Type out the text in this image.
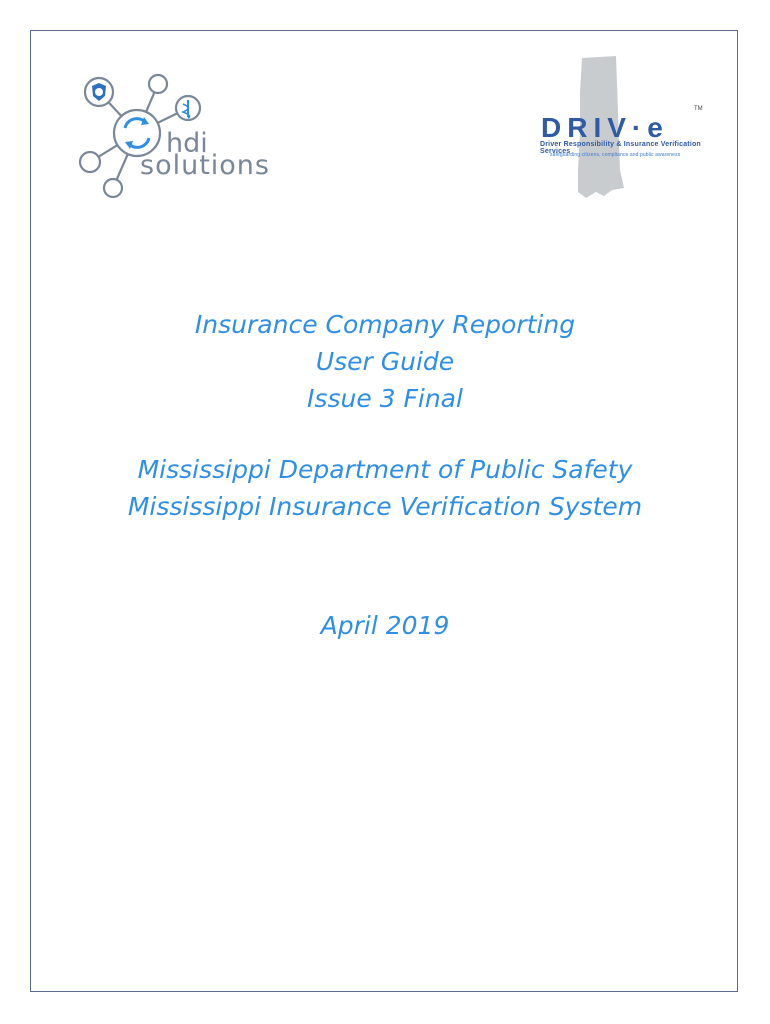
hdi
solutions
DRIV·e
TM
Driver Responsibility & Insurance Verification Services
safeguarding citizens, compliance and public awareness
Insurance Company Reporting
User Guide
Issue 3 Final
Mississippi Department of Public Safety
Mississippi Insurance Verification System
April 2019
